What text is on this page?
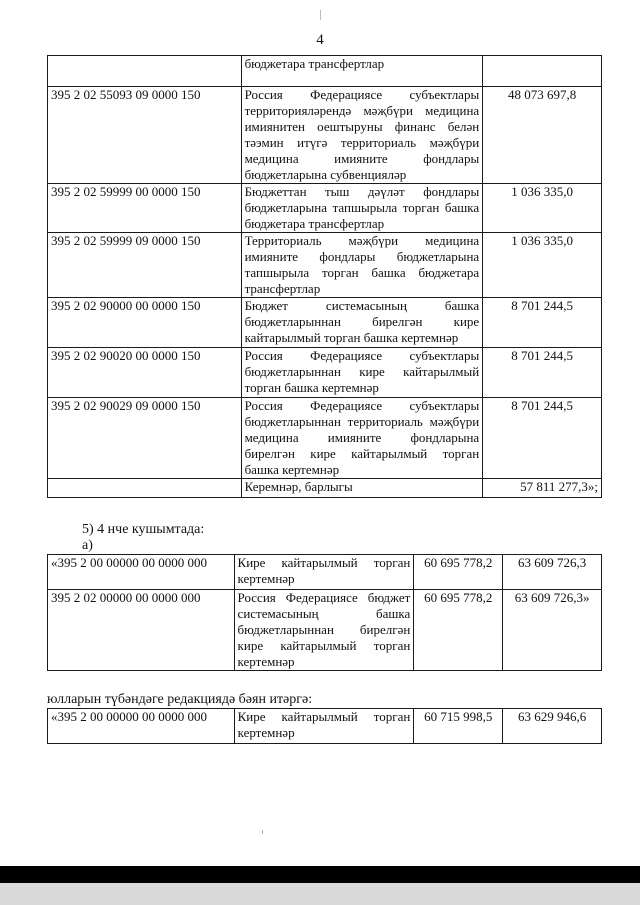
4
	бюджетара трансфертлар	
395 2 02 55093 09 0000 150	Россия Федерациясе субъектлары территорияләрендә мәҗбүри медицина имиянитен оештыруны финанс белән тәэмин итүгә территориаль мәҗбүри медицина имияните фондлары бюджетларына субвенцияләр	48 073 697,8
395 2 02 59999 00 0000 150	Бюджеттан тыш дәүләт фондлары бюджетларына тапшырыла торган башка бюджетара трансфертлар	1 036 335,0
395 2 02 59999 09 0000 150	Территориаль мәҗбүри медицина имияните фондлары бюджетларына тапшырыла торган башка бюджетара трансфертлар	1 036 335,0
395 2 02 90000 00 0000 150	Бюджет системасының башка бюджетларыннан бирелгән кире кайтарылмый торган башка кертемнәр	8 701 244,5
395 2 02 90020 00 0000 150	Россия Федерациясе субъектлары бюджетларыннан кире кайтарылмый торган башка кертемнәр	8 701 244,5
395 2 02 90029 09 0000 150	Россия Федерациясе субъектлары бюджетларыннан территориаль мәҗбүри медицина имияните фондларына бирелгән кире кайтарылмый торган башка кертемнәр	8 701 244,5
	Керемнәр, барлыгы	57 811 277,3»;
5) 4 нче кушымтада:
а)
«395 2 00 00000 00 0000 000	Кире кайтарылмый торган кертемнәр	60 695 778,2	63 609 726,3
395 2 02 00000 00 0000 000	Россия Федерациясе бюджет системасының башка бюджетларыннан бирелгән кире кайтарылмый торган кертемнәр	60 695 778,2	63 609 726,3»
юлларын түбәндәге редакциядә бәян итәргә:
«395 2 00 00000 00 0000 000	Кире кайтарылмый торган кертемнәр	60 715 998,5	63 629 946,6
